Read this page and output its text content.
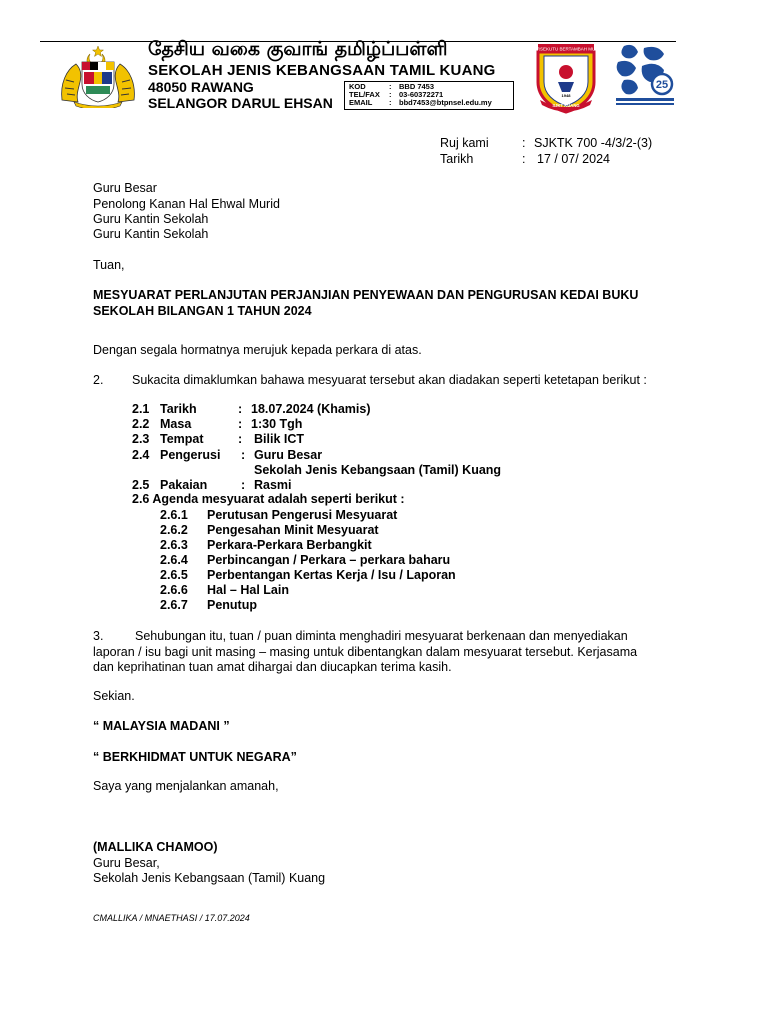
தேசிய வகை குவாங் தமிழ்ப்பள்ளி
SEKOLAH JENIS KEBANGSAAN TAMIL KUANG
48050 RAWANG
SELANGOR DARUL EHSAN
KOD	: BBD 7453
TEL/FAX : 03-60372271
EMAIL : bbd7453@btpnsel.edu.my
BERSEKUTU BERTAMBAH MUTU
1948
SJKT KUANG
25
Ruj kami	: SJKTK 700 -4/3/2-(3)
Tarikh	: 17 / 07/ 2024
Guru Besar
Penolong Kanan Hal Ehwal Murid
Guru Kantin Sekolah
Guru Kantin Sekolah
Tuan,
MESYUARAT PERLANJUTAN PERJANJIAN PENYEWAAN DAN PENGURUSAN KEDAI BUKU
SEKOLAH BILANGAN 1 TAHUN 2024
Dengan segala hormatnya merujuk kepada perkara di atas.
2. Sukacita dimaklumkan bahawa mesyuarat tersebut akan diadakan seperti ketetapan berikut :
2.1 Tarikh	: 18.07.2024 (Khamis)
2.2 Masa	: 1:30 Tgh
2.3 Tempat	: Bilik ICT
2.4 Pengerusi : Guru Besar
Sekolah Jenis Kebangsaan (Tamil) Kuang
2.5 Pakaian	: Rasmi
2.6 Agenda mesyuarat adalah seperti berikut :
2.6.1 Perutusan Pengerusi Mesyuarat
2.6.2 Pengesahan Minit Mesyuarat
2.6.3 Perkara-Perkara Berbangkit
2.6.4 Perbincangan / Perkara – perkara baharu
2.6.5 Perbentangan Kertas Kerja / Isu / Laporan
2.6.6 Hal – Hal Lain
2.6.7 Penutup
3.	Sehubungan itu, tuan / puan diminta menghadiri mesyuarat berkenaan dan menyediakan
laporan / isu bagi unit masing – masing untuk dibentangkan dalam mesyuarat tersebut. Kerjasama
dan keprihatinan tuan amat dihargai dan diucapkan terima kasih.
Sekian.
“ MALAYSIA MADANI ”
“ BERKHIDMAT UNTUK NEGARA”
Saya yang menjalankan amanah,
(MALLIKA CHAMOO)
Guru Besar,
Sekolah Jenis Kebangsaan (Tamil) Kuang
CMALLIKA / MNAETHASI / 17.07.2024
